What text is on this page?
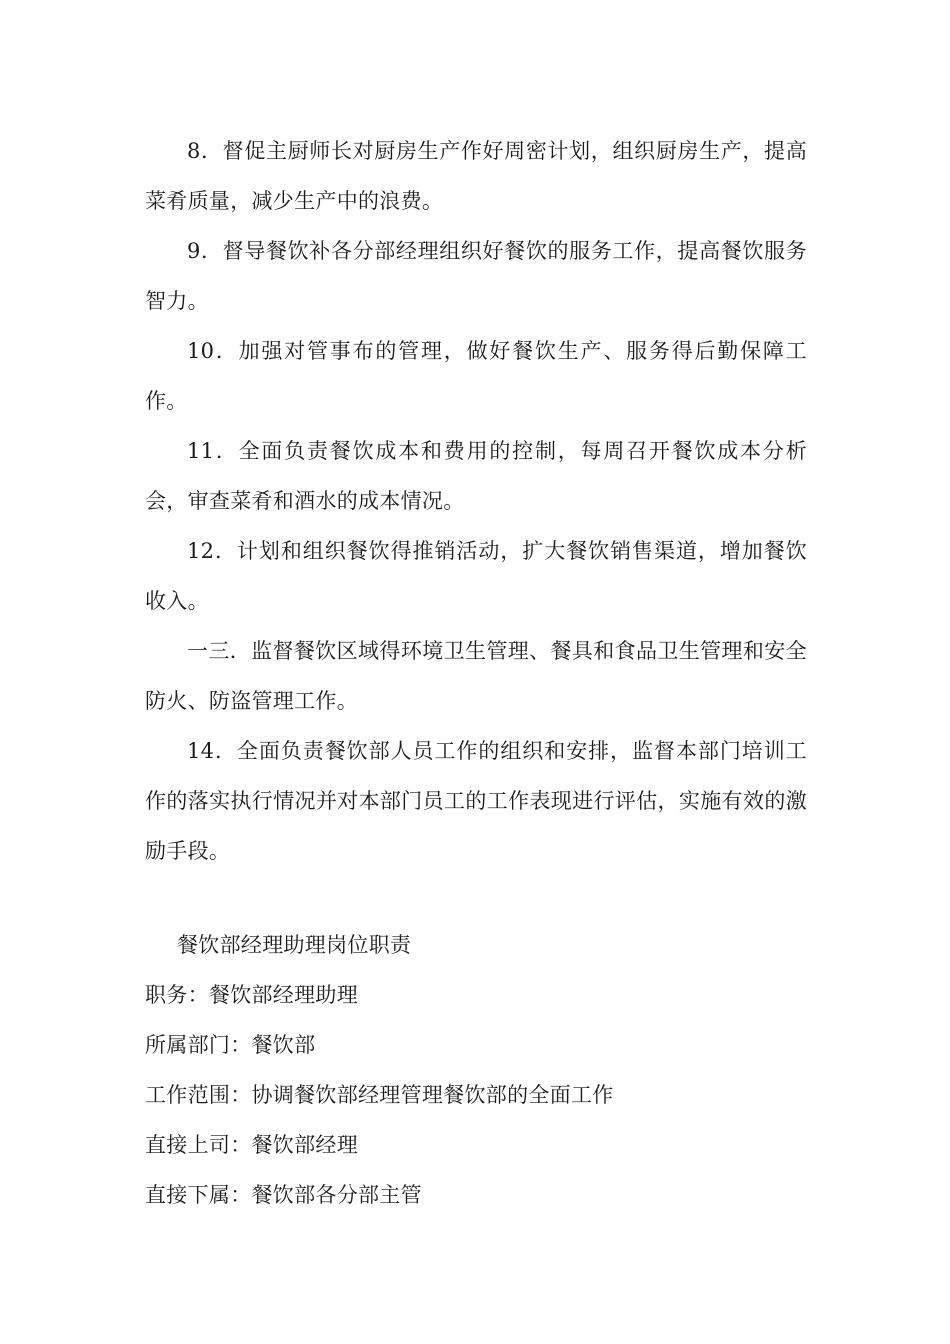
8．督促主厨师长对厨房生产作好周密计划，组织厨房生产，提高菜肴质量，减少生产中的浪费。

9．督导餐饮补各分部经理组织好餐饮的服务工作，提高餐饮服务智力。

10．加强对管事布的管理，做好餐饮生产、服务得后勤保障工作。

11．全面负责餐饮成本和费用的控制，每周召开餐饮成本分析会，审查菜肴和酒水的成本情况。

12．计划和组织餐饮得推销活动，扩大餐饮销售渠道，增加餐饮收入。

一三．监督餐饮区域得环境卫生管理、餐具和食品卫生管理和安全防火、防盗管理工作。

14．全面负责餐饮部人员工作的组织和安排，监督本部门培训工作的落实执行情况并对本部门员工的工作表现进行评估，实施有效的激励手段。

餐饮部经理助理岗位职责

职务：餐饮部经理助理
所属部门：餐饮部
工作范围：协调餐饮部经理管理餐饮部的全面工作
直接上司：餐饮部经理
直接下属：餐饮部各分部主管
